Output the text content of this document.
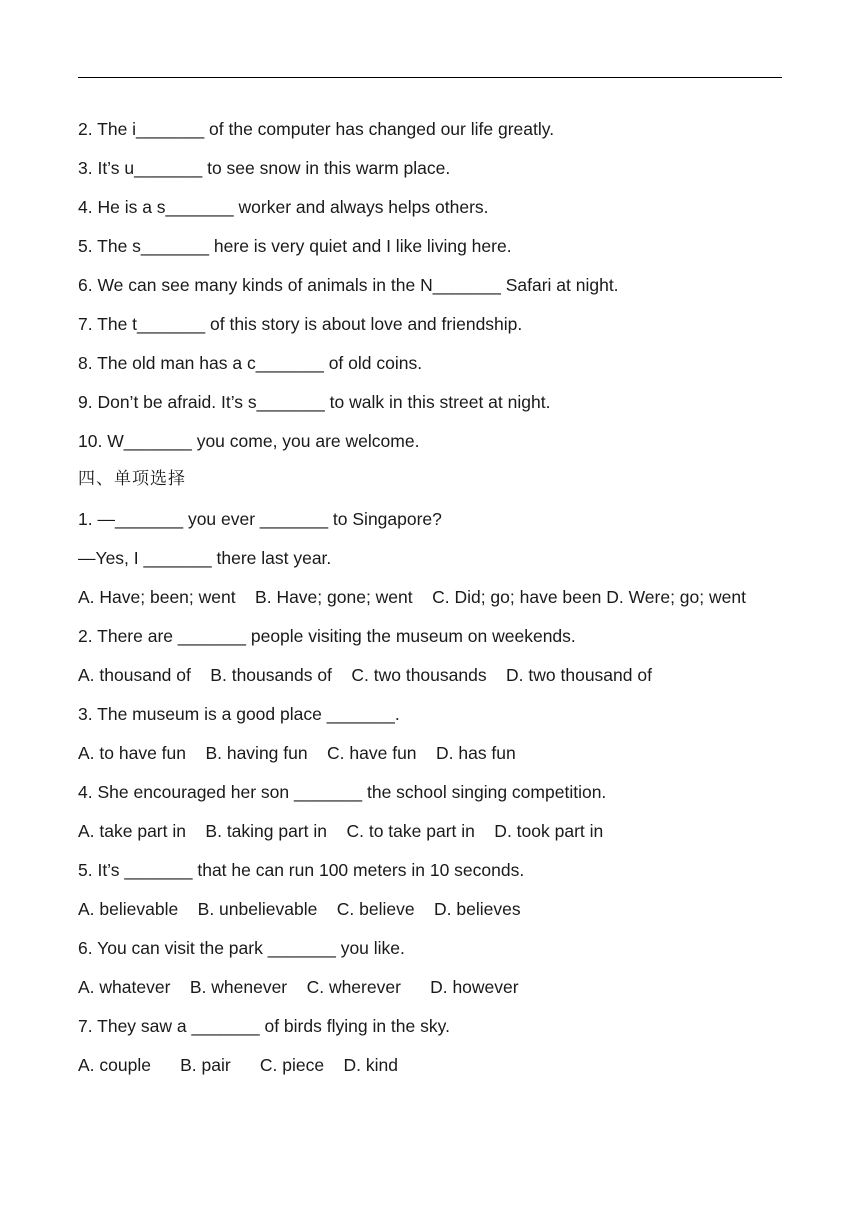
2. The i_______ of the computer has changed our life greatly.
3. It’s u_______ to see snow in this warm place.
4. He is a s_______ worker and always helps others.
5. The s_______ here is very quiet and I like living here.
6. We can see many kinds of animals in the N_______ Safari at night.
7. The t_______ of this story is about love and friendship.
8. The old man has a c_______ of old coins.
9. Don’t be afraid. It’s s_______ to walk in this street at night.
10. W_______ you come, you are welcome.
四、单项选择
1. —_______ you ever _______ to Singapore?
—Yes, I _______ there last year.
A. Have; been; went    B. Have; gone; went    C. Did; go; have been D. Were; go; went
2. There are _______ people visiting the museum on weekends.
A. thousand of    B. thousands of    C. two thousands    D. two thousand of
3. The museum is a good place _______.
A. to have fun    B. having fun    C. have fun    D. has fun
4. She encouraged her son _______ the school singing competition.
A. take part in    B. taking part in    C. to take part in    D. took part in
5. It’s _______ that he can run 100 meters in 10 seconds.
A. believable    B. unbelievable    C. believe    D. believes
6. You can visit the park _______ you like.
A. whatever    B. whenever    C. wherever      D. however
7. They saw a _______ of birds flying in the sky.
A. couple      B. pair      C. piece    D. kind
